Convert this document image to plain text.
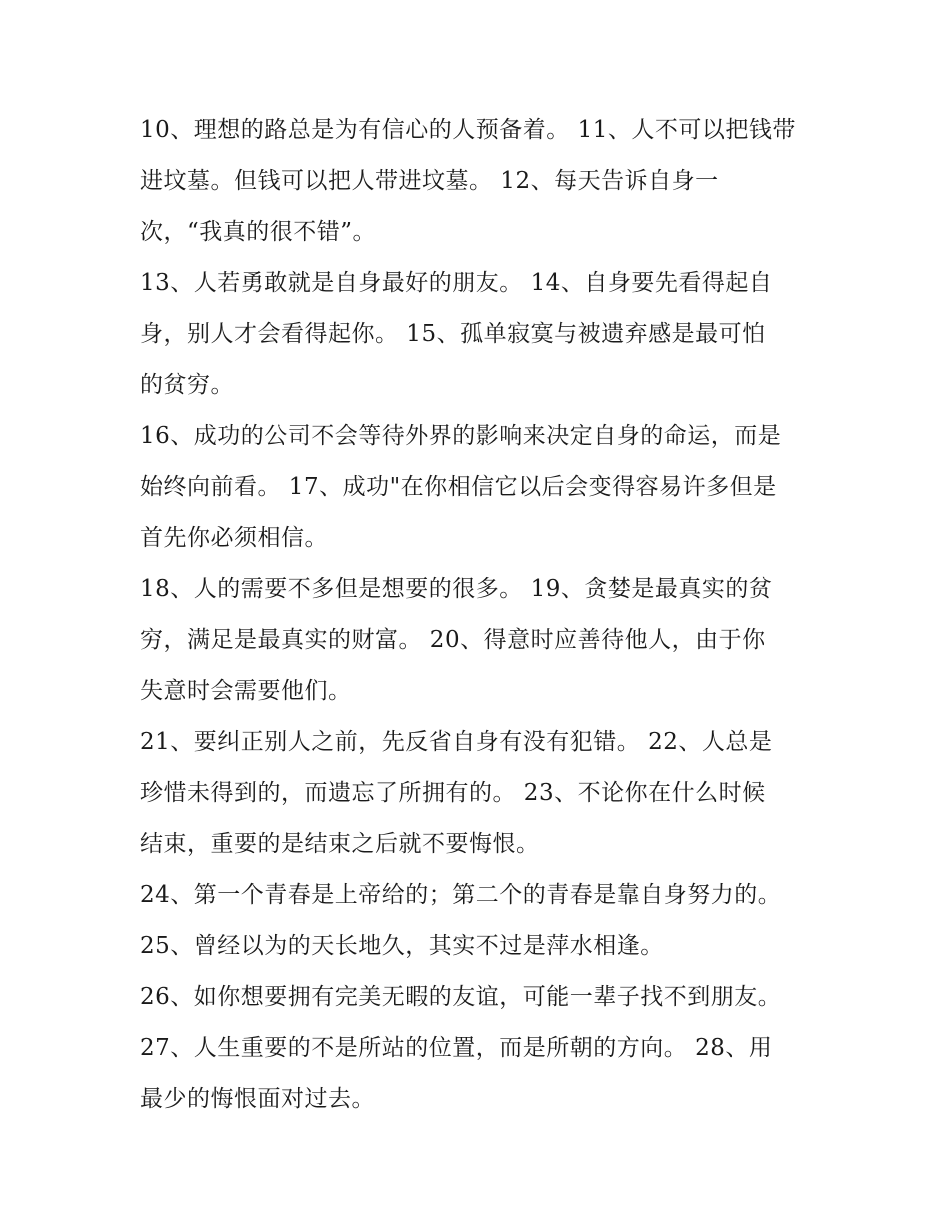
10、理想的路总是为有信心的人预备着。 11、人不可以把钱带
进坟墓。但钱可以把人带进坟墓。 12、每天告诉自身一
次，“我真的很不错”。
13、人若勇敢就是自身最好的朋友。 14、自身要先看得起自
身，别人才会看得起你。 15、孤单寂寞与被遗弃感是最可怕
的贫穷。
16、成功的公司不会等待外界的影响来决定自身的命运，而是
始终向前看。 17、成功"在你相信它以后会变得容易许多但是
首先你必须相信。
18、人的需要不多但是想要的很多。 19、贪婪是最真实的贫
穷，满足是最真实的财富。 20、得意时应善待他人，由于你
失意时会需要他们。
21、要纠正别人之前，先反省自身有没有犯错。 22、人总是
珍惜未得到的，而遗忘了所拥有的。 23、不论你在什么时候
结束，重要的是结束之后就不要悔恨。
24、第一个青春是上帝给的；第二个的青春是靠自身努力的。
25、曾经以为的天长地久，其实不过是萍水相逢。
26、如你想要拥有完美无暇的友谊，可能一辈子找不到朋友。
27、人生重要的不是所站的位置，而是所朝的方向。 28、用
最少的悔恨面对过去。
